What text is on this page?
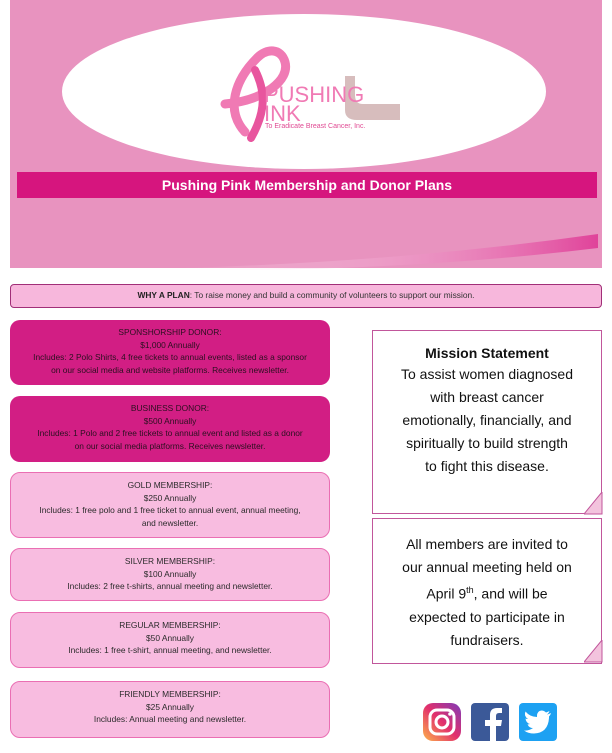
PUSHING
INK
To Eradicate Breast Cancer, Inc.
Pushing Pink Membership and Donor Plans
WHY A PLAN: To raise money and build a community of volunteers to support our mission.
SPONSHORSHIP DONOR:
$1,000 Annually
Includes: 2 Polo Shirts, 4 free tickets to annual events, listed as a sponsor
on our social media and website platforms. Receives newsletter.
BUSINESS DONOR:
$500 Annually
Includes: 1 Polo and 2 free tickets to annual event and listed as a donor
on our social media platforms. Receives newsletter.
GOLD MEMBERSHIP:
$250 Annually
Includes: 1 free polo and 1 free ticket to annual event, annual meeting,
and newsletter.
SILVER MEMBERSHIP:
$100 Annually
Includes: 2 free t-shirts, annual meeting and newsletter.
REGULAR MEMBERSHIP:
$50 Annually
Includes: 1 free t-shirt, annual meeting, and newsletter.
FRIENDLY MEMBERSHIP:
$25 Annually
Includes: Annual meeting and newsletter.
Mission Statement
To assist women diagnosed
with breast cancer
emotionally, financially, and
spiritually to build strength
to fight this disease.
All members are invited to
our annual meeting held on
April 9th, and will be
expected to participate in
fundraisers.
